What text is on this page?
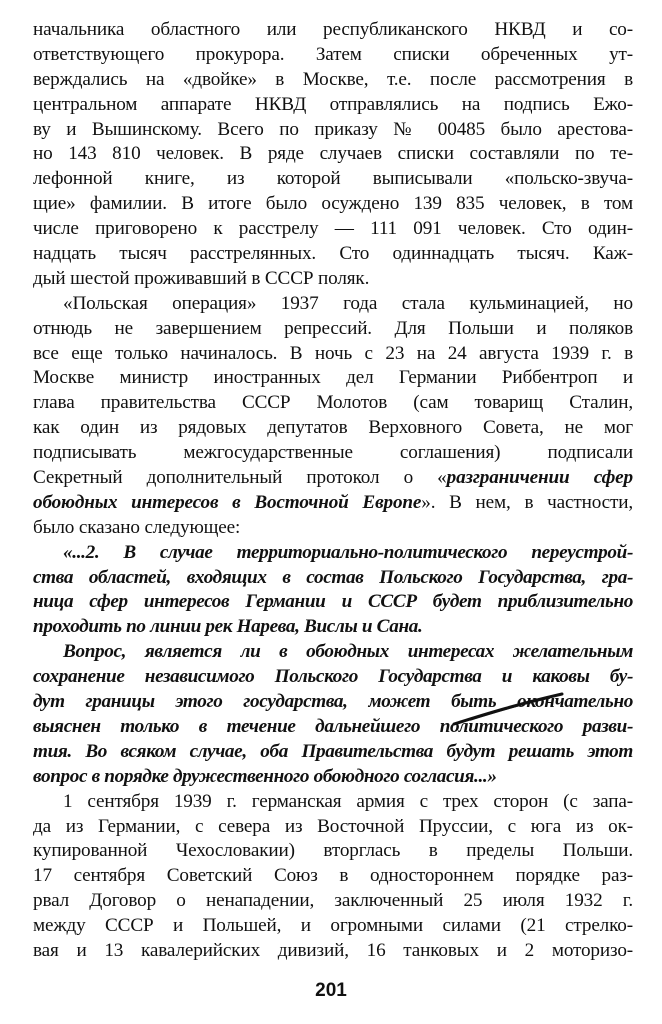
начальника областного или республиканского НКВД и со-
ответствующего прокурора. Затем списки обреченных ут-
верждались на «двойке» в Москве, т.е. после рассмотрения в
центральном аппарате НКВД отправлялись на подпись Ежо-
ву и Вышинскому. Всего по приказу № 00485 было арестова-
но 143 810 человек. В ряде случаев списки составляли по те-
лефонной книге, из которой выписывали «польско-звуча-
щие» фамилии. В итоге было осуждено 139 835 человек, в том
числе приговорено к расстрелу — 111 091 человек. Сто один-
надцать тысяч расстрелянных. Сто одиннадцать тысяч. Каж-
дый шестой проживавший в СССР поляк.
«Польская операция» 1937 года стала кульминацией, но
отнюдь не завершением репрессий. Для Польши и поляков
все еще только начиналось. В ночь с 23 на 24 августа 1939 г. в
Москве министр иностранных дел Германии Риббентроп и
глава правительства СССР Молотов (сам товарищ Сталин,
как один из рядовых депутатов Верховного Совета, не мог
подписывать межгосударственные соглашения) подписали
Секретный дополнительный протокол о «разграничении сфер
обоюдных интересов в Восточной Европе». В нем, в частности,
было сказано следующее:
«...2. В случае территориально-политического переустрой-
ства областей, входящих в состав Польского Государства, гра-
ница сфер интересов Германии и СССР будет приблизительно
проходить по линии рек Нарева, Вислы и Сана.
Вопрос, является ли в обоюдных интересах желательным
сохранение независимого Польского Государства и каковы бу-
дут границы этого государства, может быть окончательно
выяснен только в течение дальнейшего политического разви-
тия. Во всяком случае, оба Правительства будут решать этот
вопрос в порядке дружественного обоюдного согласия...»
1 сентября 1939 г. германская армия с трех сторон (с запа-
да из Германии, с севера из Восточной Пруссии, с юга из ок-
купированной Чехословакии) вторглась в пределы Польши.
17 сентября Советский Союз в одностороннем порядке раз-
рвал Договор о ненападении, заключенный 25 июля 1932 г.
между СССР и Польшей, и огромными силами (21 стрелко-
вая и 13 кавалерийских дивизий, 16 танковых и 2 моторизо-
201
